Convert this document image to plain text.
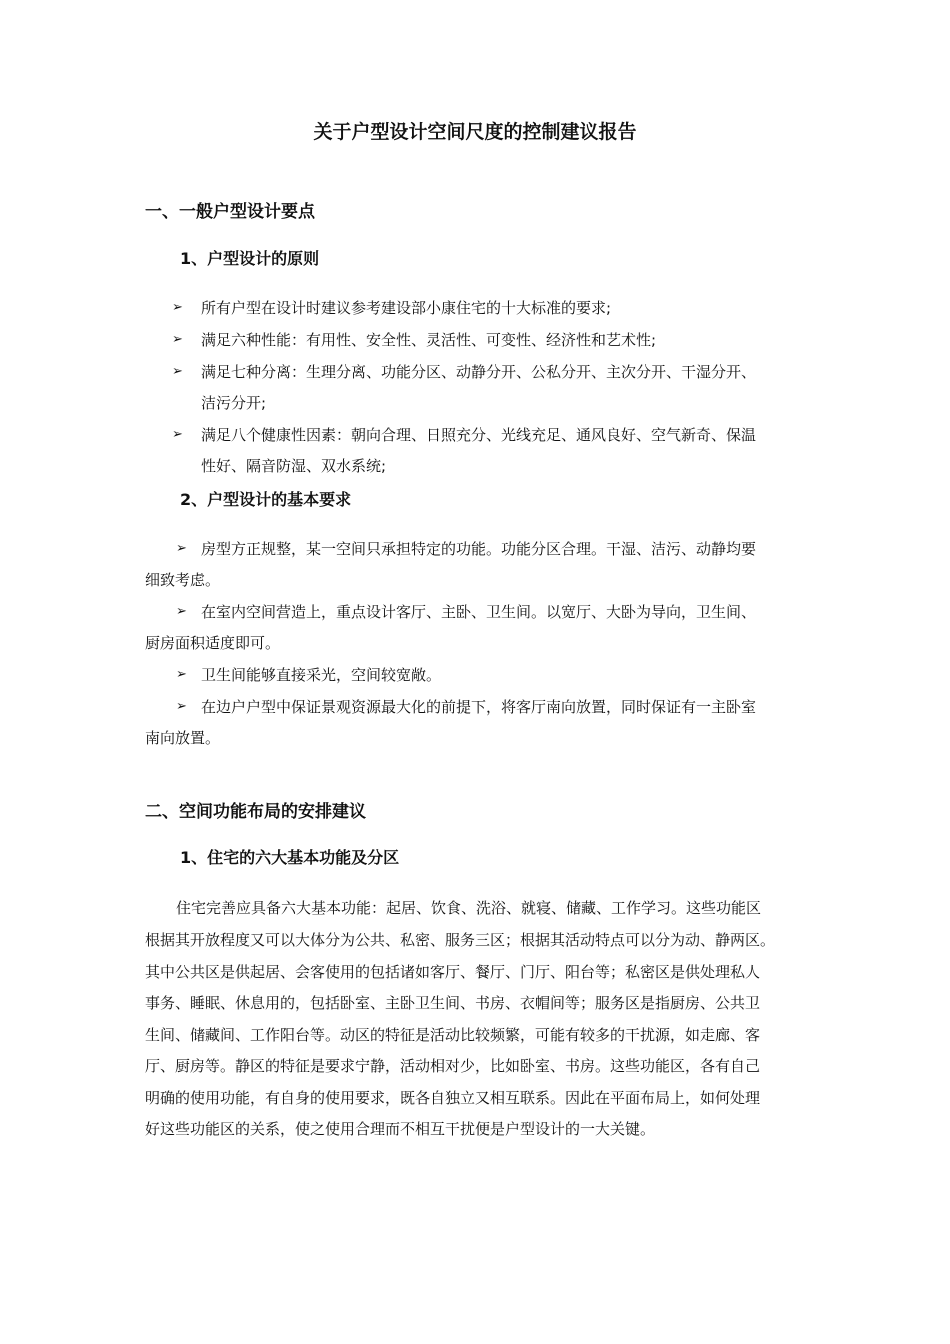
关于户型设计空间尺度的控制建议报告
一、一般户型设计要点
1、户型设计的原则
➢ 所有户型在设计时建议参考建设部小康住宅的十大标准的要求;
➢ 满足六种性能：有用性、安全性、灵活性、可变性、经济性和艺术性;
➢ 满足七种分离：生理分离、功能分区、动静分开、公私分开、主次分开、干湿分开、
洁污分开;
➢ 满足八个健康性因素：朝向合理、日照充分、光线充足、通风良好、空气新奇、保温
性好、隔音防湿、双水系统;
2、户型设计的基本要求
➢ 房型方正规整，某一空间只承担特定的功能。功能分区合理。干湿、洁污、动静均要
细致考虑。
➢ 在室内空间营造上，重点设计客厅、主卧、卫生间。以宽厅、大卧为导向，卫生间、
厨房面积适度即可。
➢ 卫生间能够直接采光，空间较宽敞。
➢ 在边户户型中保证景观资源最大化的前提下，将客厅南向放置，同时保证有一主卧室
南向放置。
二、空间功能布局的安排建议
1、住宅的六大基本功能及分区
住宅完善应具备六大基本功能：起居、饮食、洗浴、就寝、储藏、工作学习。这些功能区
根据其开放程度又可以大体分为公共、私密、服务三区；根据其活动特点可以分为动、静两区。
其中公共区是供起居、会客使用的包括诸如客厅、餐厅、门厅、阳台等；私密区是供处理私人
事务、睡眠、休息用的，包括卧室、主卧卫生间、书房、衣帽间等；服务区是指厨房、公共卫
生间、储藏间、工作阳台等。动区的特征是活动比较频繁，可能有较多的干扰源，如走廊、客
厅、厨房等。静区的特征是要求宁静，活动相对少，比如卧室、书房。这些功能区，各有自己
明确的使用功能，有自身的使用要求，既各自独立又相互联系。因此在平面布局上，如何处理
好这些功能区的关系，使之使用合理而不相互干扰便是户型设计的一大关键。
